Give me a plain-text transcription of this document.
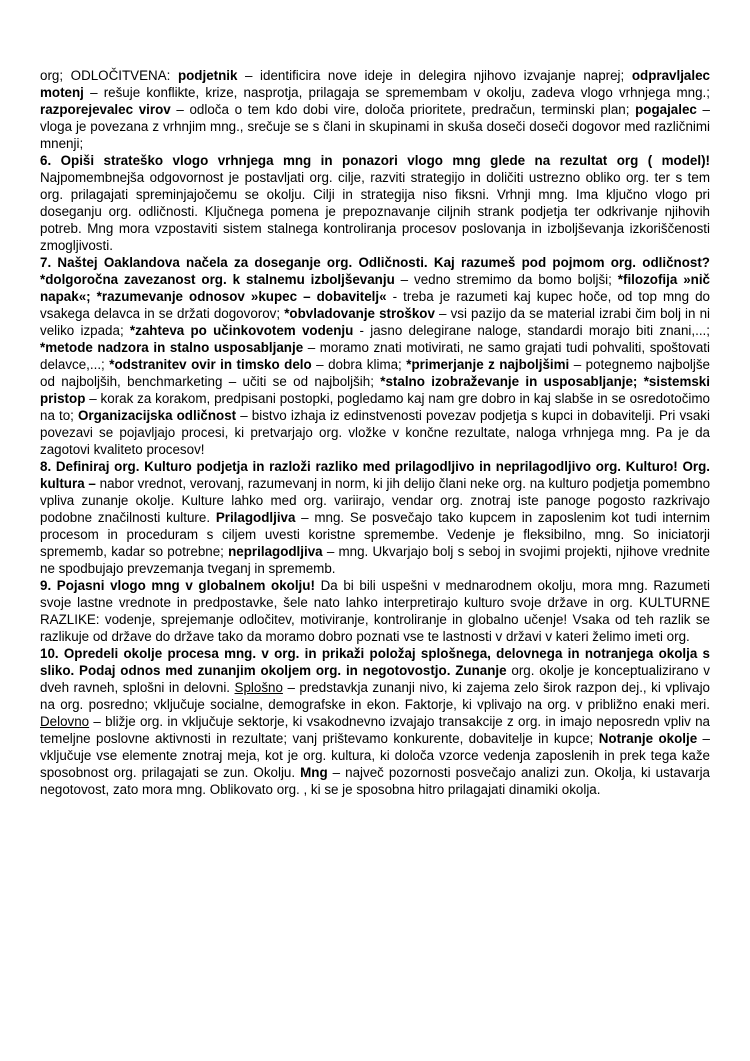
org; ODLOČITVENA: podjetnik – identificira nove ideje in delegira njihovo izvajanje naprej; odpravljalec motenj – rešuje konflikte, krize, nasprotja, prilagaja se spremembam v okolju, zadeva vlogo vrhnjega mng.; razporejevalec virov – odloča o tem kdo dobi vire, določa prioritete, predračun, terminski plan; pogajalec – vloga je povezana z vrhnjim mng., srečuje se s člani in skupinami in skuša doseči doseči dogovor med različnimi mnenji;

6. Opiši strateško vlogo vrhnjega mng in ponazori vlogo mng glede na rezultat org ( model)! Najpomembnejša odgovornost je postavljati org. cilje, razviti strategijo in doličiti ustrezno obliko org. ter s tem org. prilagajati spreminjajočemu se okolju. Cilji in strategija niso fiksni. Vrhnji mng. Ima ključno vlogo pri doseganju org. odličnosti. Ključnega pomena je prepoznavanje ciljnih strank podjetja ter odkrivanje njihovih potreb. Mng mora vzpostaviti sistem stalnega kontroliranja procesov poslovanja in izboljševanja izkoriščenosti zmogljivosti.

7. Naštej Oaklandova načela za doseganje org. Odličnosti. Kaj razumeš pod pojmom org. odličnost? *dolgoročna zavezanost org. k stalnemu izboljševanju – vedno stremimo da bomo boljši; *filozofija »nič napak«; *razumevanje odnosov »kupec – dobavitelj« - treba je razumeti kaj kupec hoče, od top mng do vsakega delavca in se držati dogovorov; *obvladovanje stroškov – vsi pazijo da se material izrabi čim bolj in ni veliko izpada; *zahteva po učinkovotem vodenju - jasno delegirane naloge, standardi morajo biti znani,...; *metode nadzora in stalno usposabljanje – moramo znati motivirati, ne samo grajati tudi pohvaliti, spoštovati delavce,...; *odstranitev ovir in timsko delo – dobra klima; *primerjanje z najboljšimi – potegnemo najboljše od najboljših, benchmarketing – učiti se od najboljših; *stalno izobraževanje in usposabljanje; *sistemski pristop – korak za korakom, predpisani postopki, pogledamo kaj nam gre dobro in kaj slabše in se osredotočimo na to; Organizacijska odličnost – bistvo izhaja iz edinstvenosti povezav podjetja s kupci in dobavitelji. Pri vsaki povezavi se pojavljajo procesi, ki pretvarjajo org. vložke v končne rezultate, naloga vrhnjega mng. Pa je da zagotovi kvaliteto procesov!

8. Definiraj org. Kulturo podjetja in razloži razliko med prilagodljivo in neprilagodljivo org. Kulturo! Org. kultura – nabor vrednot, verovanj, razumevanj in norm, ki jih delijo člani neke org. na kulturo podjetja pomembno vpliva zunanje okolje. Kulture lahko med org. variirajo, vendar org. znotraj iste panoge pogosto razkrivajo podobne značilnosti kulture. Prilagodljiva – mng. Se posvečajo tako kupcem in zaposlenim kot tudi internim procesom in proceduram s ciljem uvesti koristne spremembe. Vedenje je fleksibilno, mng. So iniciatorji sprememb, kadar so potrebne; neprilagodljiva – mng. Ukvarjajo bolj s seboj in svojimi projekti, njihove vrednite ne spodbujajo prevzemanja tveganj in sprememb.

9. Pojasni vlogo mng v globalnem okolju! Da bi bili uspešni v mednarodnem okolju, mora mng. Razumeti svoje lastne vrednote in predpostavke, šele nato lahko interpretirajo kulturo svoje države in org. KULTURNE RAZLIKE: vodenje, sprejemanje odločitev, motiviranje, kontroliranje in globalno učenje! Vsaka od teh razlik se razlikuje od države do države tako da moramo dobro poznati vse te lastnosti v državi v kateri želimo imeti org.

10. Opredeli okolje procesa mng. v org. in prikaži položaj splošnega, delovnega in notranjega okolja s sliko. Podaj odnos med zunanjim okoljem org. in negotovostjo. Zunanje org. okolje je konceptualizirano v dveh ravneh, splošni in delovni. Splošno – predstavkja zunanji nivo, ki zajema zelo širok razpon dej., ki vplivajo na org. posredno; vključuje socialne, demografske in ekon. Faktorje, ki vplivajo na org. v približno enaki meri. Delovno – bližje org. in vključuje sektorje, ki vsakodnevno izvajajo transakcije z org. in imajo neposredn vpliv na temeljne poslovne aktivnosti in rezultate; vanj prištevamo konkurente, dobavitelje in kupce; Notranje okolje – vključuje vse elemente znotraj meja, kot je org. kultura, ki določa vzorce vedenja zaposlenih in prek tega kaže sposobnost org. prilagajati se zun. Okolju. Mng – največ pozornosti posvečajo analizi zun. Okolja, ki ustavarja negotovost, zato mora mng. Oblikovato org. , ki se je sposobna hitro prilagajati dinamiki okolja.
